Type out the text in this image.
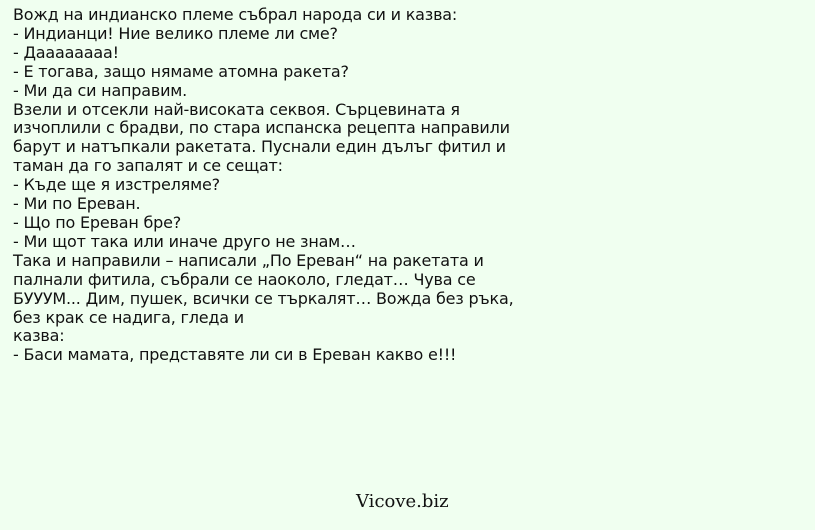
Вожд на индианско племе събрал народа си и казва:
- Индианци! Ние велико племе ли сме?
- Даааааааа!
- Е тогава, защо нямаме атомна ракета?
- Ми да си направим.
Взели и отсекли най-високата секвоя. Сърцевината я
изчоплили с брадви, по стара испанска рецепта направили
барут и натъпкали ракетата. Пуснали един дълъг фитил и
таман да го запалят и се сещат:
- Къде ще я изстреляме?
- Ми по Ереван.
- Що по Ереван бре?
- Ми щот така или иначе друго не знам…
Така и направили – написали „По Ереван“ на ракетата и
палнали фитила, събрали се наоколо, гледат… Чува се
БУУУМ... Дим, пушек, всички се търкалят… Вожда без ръка,
без крак се надига, гледа и
казва:
- Баси мамата, представяте ли си в Ереван какво е!!!
Vicove.biz
